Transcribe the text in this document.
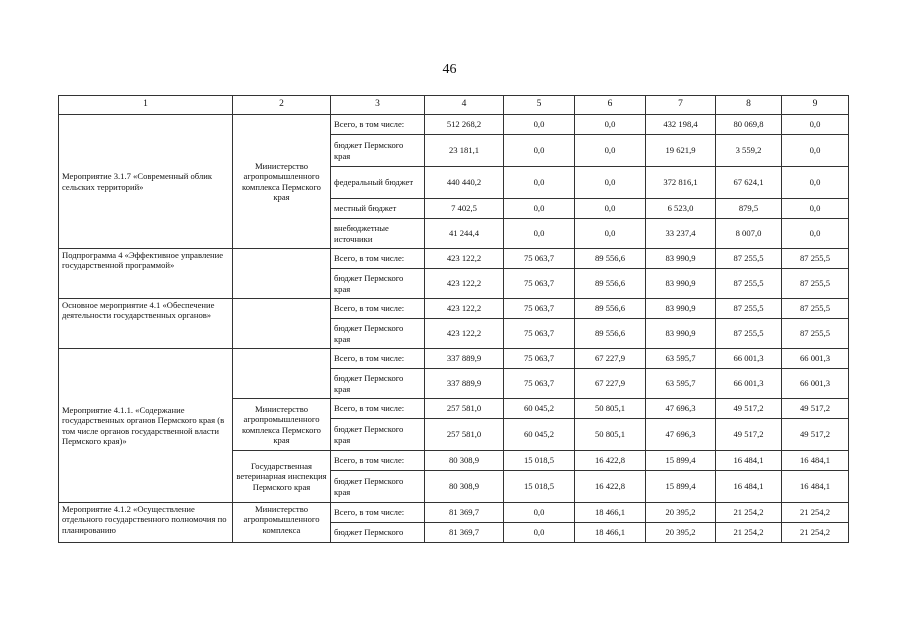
46
1	2	3	4	5	6	7	8	9
Мероприятие 3.1.7 «Современный облик сельских территорий»	Министерство агропромышленного комплекса Пермского края	Всего, в том числе:	512 268,2	0,0	0,0	432 198,4	80 069,8	0,0
		бюджет Пермского края	23 181,1	0,0	0,0	19 621,9	3 559,2	0,0
		федеральный бюджет	440 440,2	0,0	0,0	372 816,1	67 624,1	0,0
		местный бюджет	7 402,5	0,0	0,0	6 523,0	879,5	0,0
		внебюджетные источники	41 244,4	0,0	0,0	33 237,4	8 007,0	0,0
Подпрограмма 4 «Эффективное управление государственной программой»		Всего, в том числе:	423 122,2	75 063,7	89 556,6	83 990,9	87 255,5	87 255,5
		бюджет Пермского края	423 122,2	75 063,7	89 556,6	83 990,9	87 255,5	87 255,5
Основное мероприятие 4.1 «Обеспечение деятельности государственных органов»		Всего, в том числе:	423 122,2	75 063,7	89 556,6	83 990,9	87 255,5	87 255,5
		бюджет Пермского края	423 122,2	75 063,7	89 556,6	83 990,9	87 255,5	87 255,5
Мероприятие 4.1.1. «Содержание государственных органов Пермского края (в том числе органов государственной власти Пермского края)»		Всего, в том числе:	337 889,9	75 063,7	67 227,9	63 595,7	66 001,3	66 001,3
		бюджет Пермского края	337 889,9	75 063,7	67 227,9	63 595,7	66 001,3	66 001,3
	Министерство агропромышленного комплекса Пермского края	Всего, в том числе:	257 581,0	60 045,2	50 805,1	47 696,3	49 517,2	49 517,2
		бюджет Пермского края	257 581,0	60 045,2	50 805,1	47 696,3	49 517,2	49 517,2
	Государственная ветеринарная инспекция Пермского края	Всего, в том числе:	80 308,9	15 018,5	16 422,8	15 899,4	16 484,1	16 484,1
		бюджет Пермского края	80 308,9	15 018,5	16 422,8	15 899,4	16 484,1	16 484,1
Мероприятие 4.1.2 «Осуществление отдельного государственного полномочия по планированию	Министерство агропромышленного комплекса	Всего, в том числе:	81 369,7	0,0	18 466,1	20 395,2	21 254,2	21 254,2
		бюджет Пермского	81 369,7	0,0	18 466,1	20 395,2	21 254,2	21 254,2
